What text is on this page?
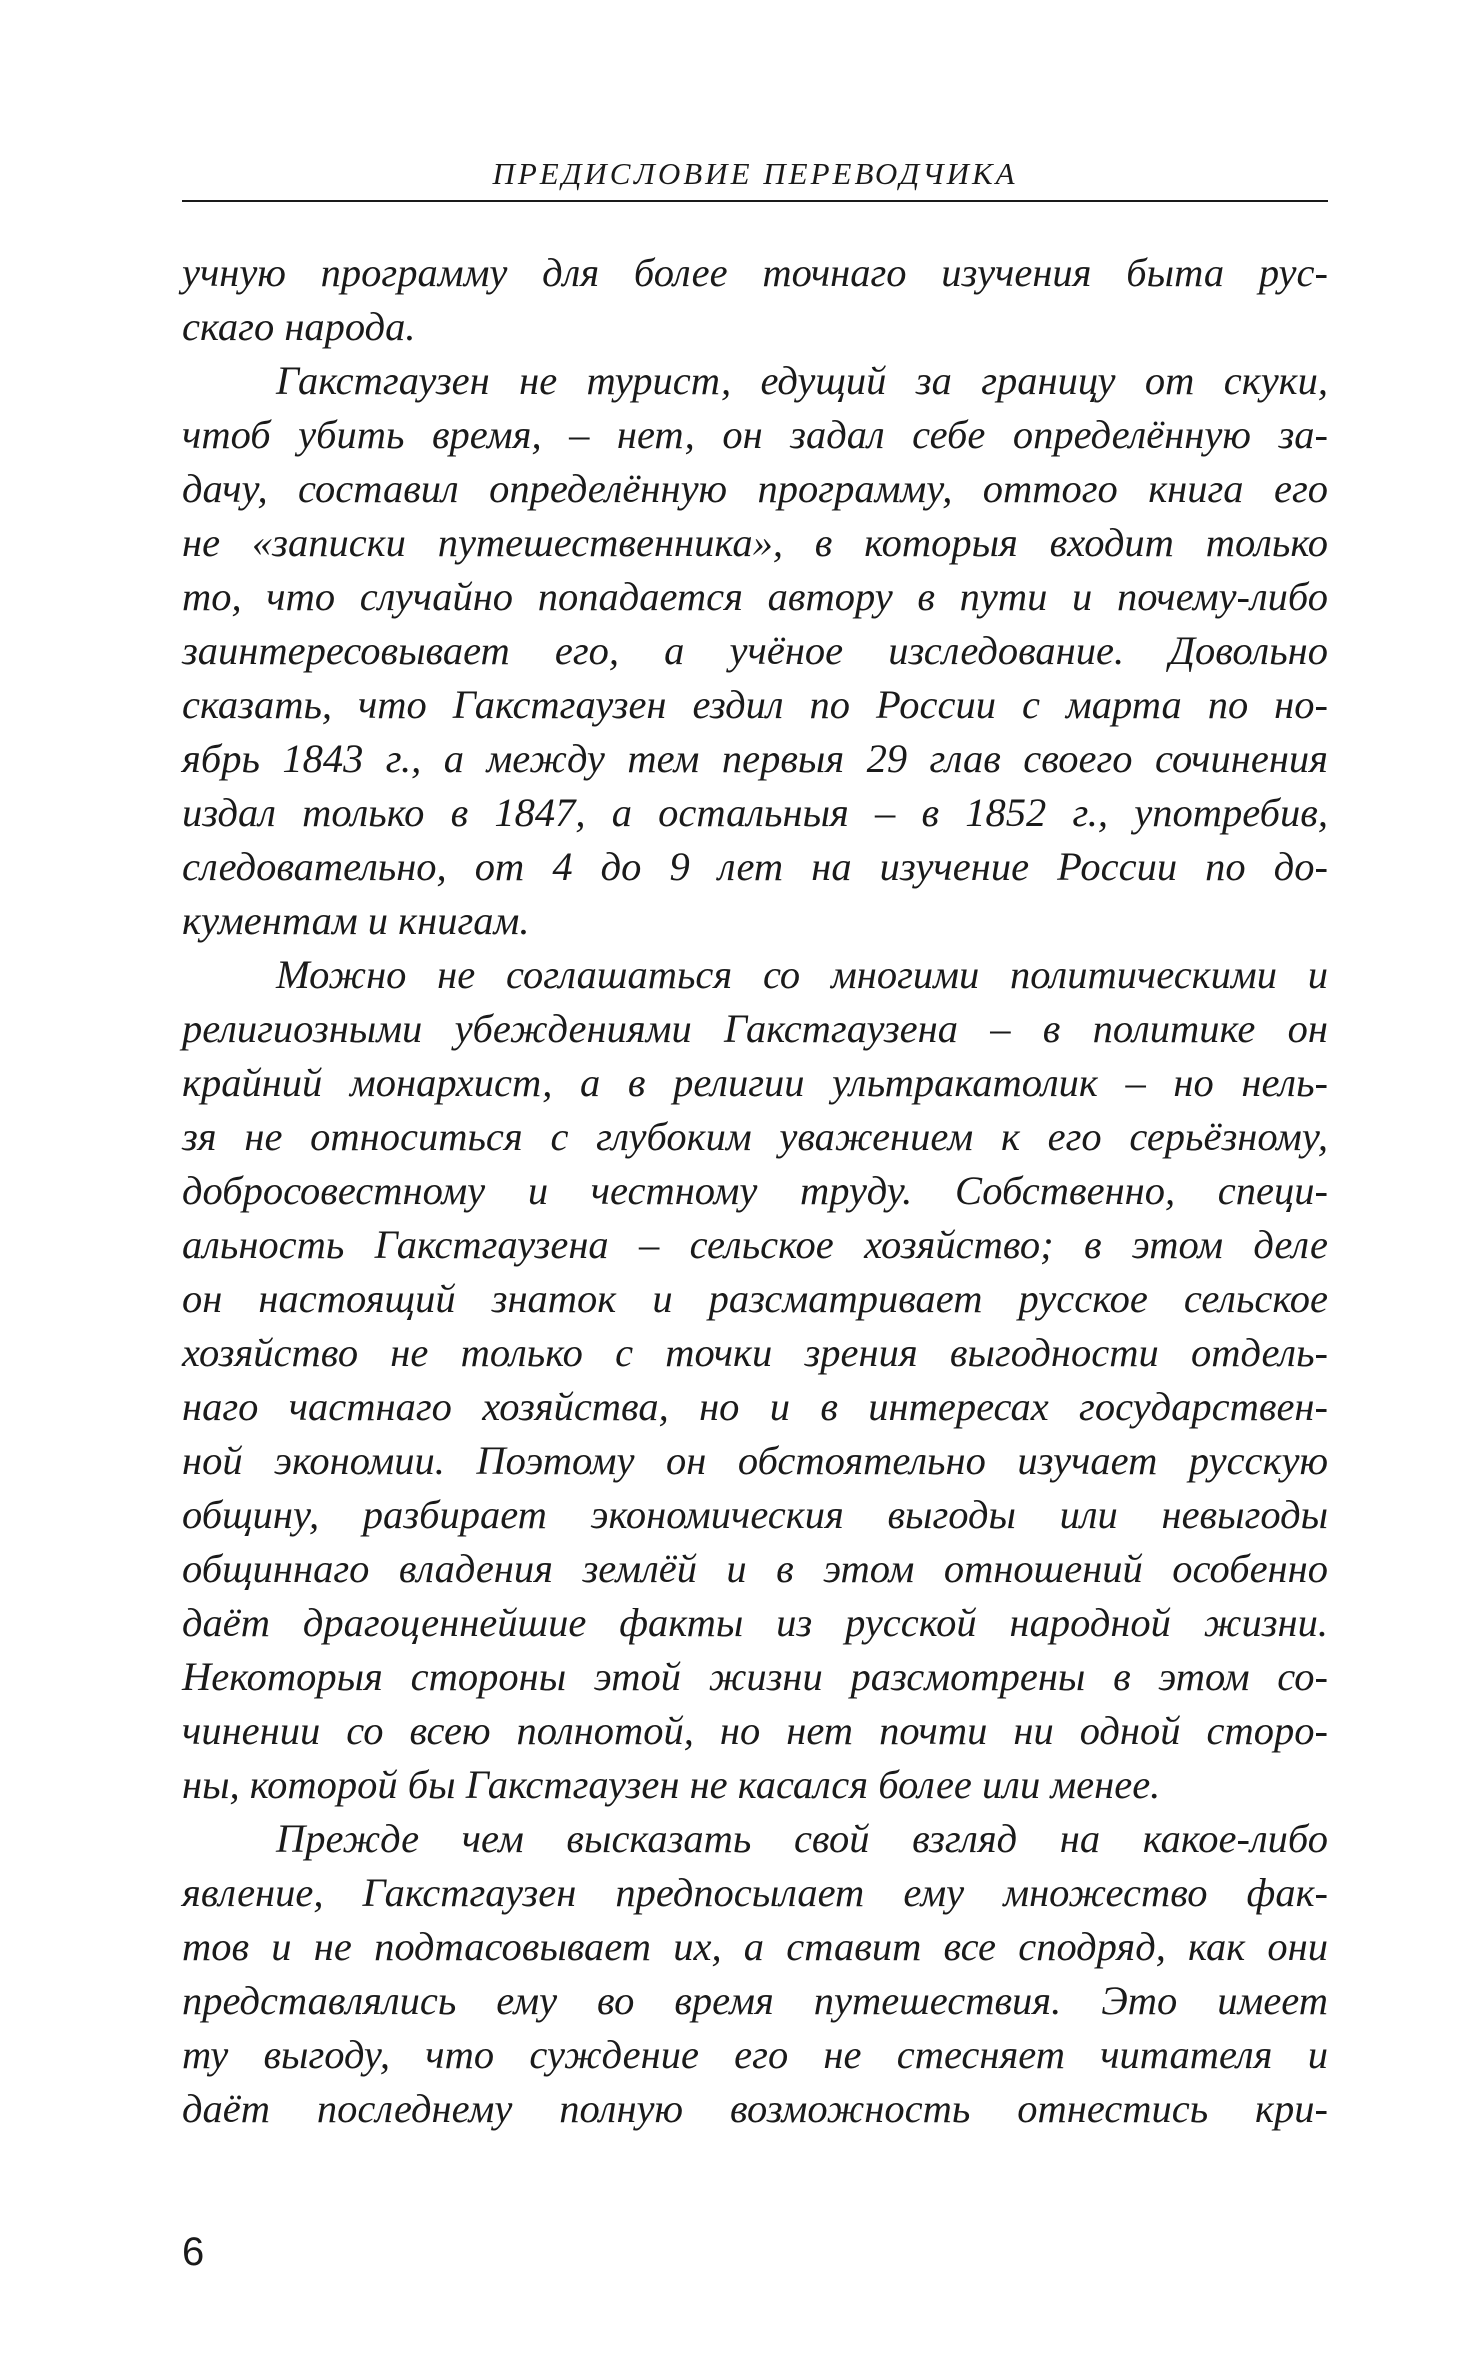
ПРЕДИСЛОВИЕ ПЕРЕВОДЧИКА
учную программу для более точнаго изучения быта рус-
скаго народа.
Гакстгаузен не турист, едущий за границу от скуки,
чтоб убить время, – нет, он задал себе определённую за-
дачу, составил определённую программу, оттого книга его
не «записки путешественника», в которыя входит только
то, что случайно попадается автору в пути и почему-либо
заинтересовывает его, а учёное изследование. Довольно
сказать, что Гакстгаузен ездил по России с марта по но-
ябрь 1843 г., а между тем первыя 29 глав своего сочинения
издал только в 1847, а остальныя – в 1852 г., употребив,
следовательно, от 4 до 9 лет на изучение России по до-
кументам и книгам.
Можно не соглашаться со многими политическими и
религиозными убеждениями Гакстгаузена – в политике он
крайний монархист, а в религии ультракатолик – но нель-
зя не относиться с глубоким уважением к его серьёзному,
добросовестному и честному труду. Собственно, специ-
альность Гакстгаузена – сельское хозяйство; в этом деле
он настоящий знаток и разсматривает русское сельское
хозяйство не только с точки зрения выгодности отдель-
наго частнаго хозяйства, но и в интересах государствен-
ной экономии. Поэтому он обстоятельно изучает русскую
общину, разбирает экономическия выгоды или невыгоды
общиннаго владения землёй и в этом отношений особенно
даёт драгоценнейшие факты из русской народной жизни.
Некоторыя стороны этой жизни разсмотрены в этом со-
чинении со всею полнотой, но нет почти ни одной сторо-
ны, которой бы Гакстгаузен не касался более или менее.
Прежде чем высказать свой взгляд на какое-либо
явление, Гакстгаузен предпосылает ему множество фак-
тов и не подтасовывает их, а ставит все сподряд, как они
представлялись ему во время путешествия. Это имеет
ту выгоду, что суждение его не стесняет читателя и
даёт последнему полную возможность отнестись кри-
6
